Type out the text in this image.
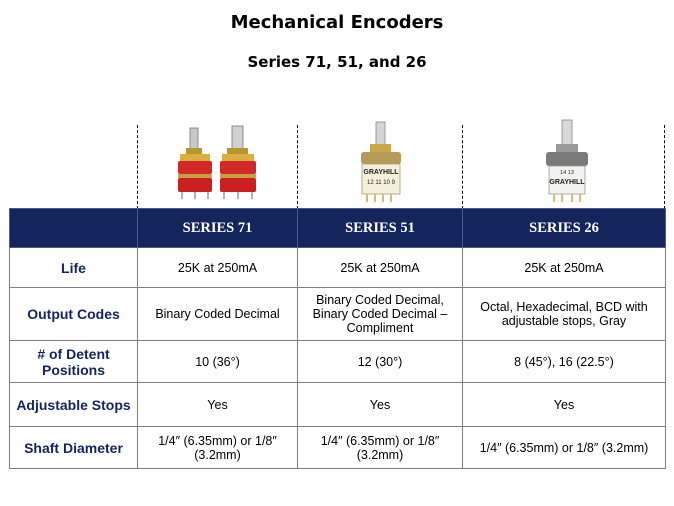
Mechanical Encoders
Series 71, 51, and 26
GRAYHILL
12 11 10 9
14 13
GRAYHILL
	SERIES 71	SERIES 51	SERIES 26
Life	25K at 250mA	25K at 250mA	25K at 250mA
Output Codes	Binary Coded Decimal	Binary Coded Decimal, Binary Coded Decimal – Compliment	Octal, Hexadecimal, BCD with adjustable stops, Gray
# of Detent Positions	10 (36°)	12 (30°)	8 (45°), 16 (22.5°)
Adjustable Stops	Yes	Yes	Yes
Shaft Diameter	1/4″ (6.35mm) or 1/8″ (3.2mm)	1/4″ (6.35mm) or 1/8″ (3.2mm)	1/4″ (6.35mm) or 1/8″ (3.2mm)
